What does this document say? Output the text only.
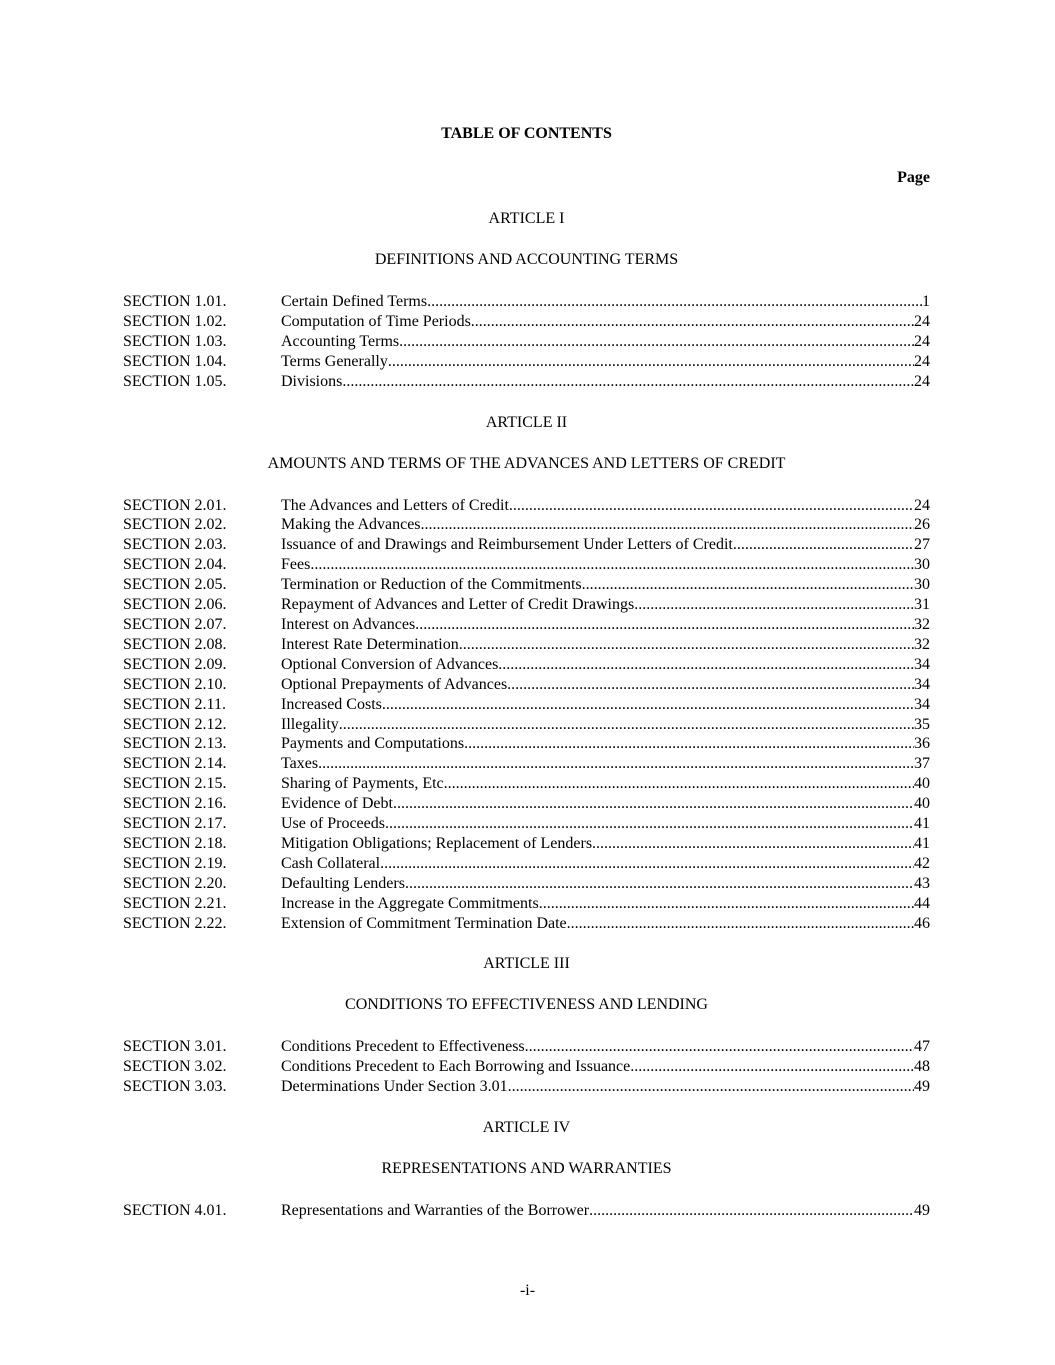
TABLE OF CONTENTS
Page
ARTICLE I
DEFINITIONS AND ACCOUNTING TERMS
SECTION 1.01.	Certain Defined Terms .....	1
SECTION 1.02.	Computation of Time Periods .....	24
SECTION 1.03.	Accounting Terms. .....	24
SECTION 1.04.	Terms Generally .....	24
SECTION 1.05.	Divisions .....	24
ARTICLE II
AMOUNTS AND TERMS OF THE ADVANCES AND LETTERS OF CREDIT
SECTION 2.01.	The Advances and Letters of Credit .....	24
SECTION 2.02.	Making the Advances .....	26
SECTION 2.03.	Issuance of and Drawings and Reimbursement Under Letters of Credit. .....	27
SECTION 2.04.	Fees. .....	30
SECTION 2.05.	Termination or Reduction of the Commitments .....	30
SECTION 2.06.	Repayment of Advances and Letter of Credit Drawings. .....	31
SECTION 2.07.	Interest on Advances. .....	32
SECTION 2.08.	Interest Rate Determination. .....	32
SECTION 2.09.	Optional Conversion of Advances .....	34
SECTION 2.10.	Optional Prepayments of Advances .....	34
SECTION 2.11.	Increased Costs .....	34
SECTION 2.12.	Illegality .....	35
SECTION 2.13.	Payments and Computations. .....	36
SECTION 2.14.	Taxes. .....	37
SECTION 2.15.	Sharing of Payments, Etc .....	40
SECTION 2.16.	Evidence of Debt. .....	40
SECTION 2.17.	Use of Proceeds .....	41
SECTION 2.18.	Mitigation Obligations; Replacement of Lenders .....	41
SECTION 2.19.	Cash Collateral. .....	42
SECTION 2.20.	Defaulting Lenders. .....	43
SECTION 2.21.	Increase in the Aggregate Commitments. .....	44
SECTION 2.22.	Extension of Commitment Termination Date. .....	46
ARTICLE III
CONDITIONS TO EFFECTIVENESS AND LENDING
SECTION 3.01.	Conditions Precedent to Effectiveness .....	47
SECTION 3.02.	Conditions Precedent to Each Borrowing and Issuance. .....	48
SECTION 3.03.	Determinations Under Section 3.01. .....	49
ARTICLE IV
REPRESENTATIONS AND WARRANTIES
SECTION 4.01.	Representations and Warranties of the Borrower .....	49
-i-
